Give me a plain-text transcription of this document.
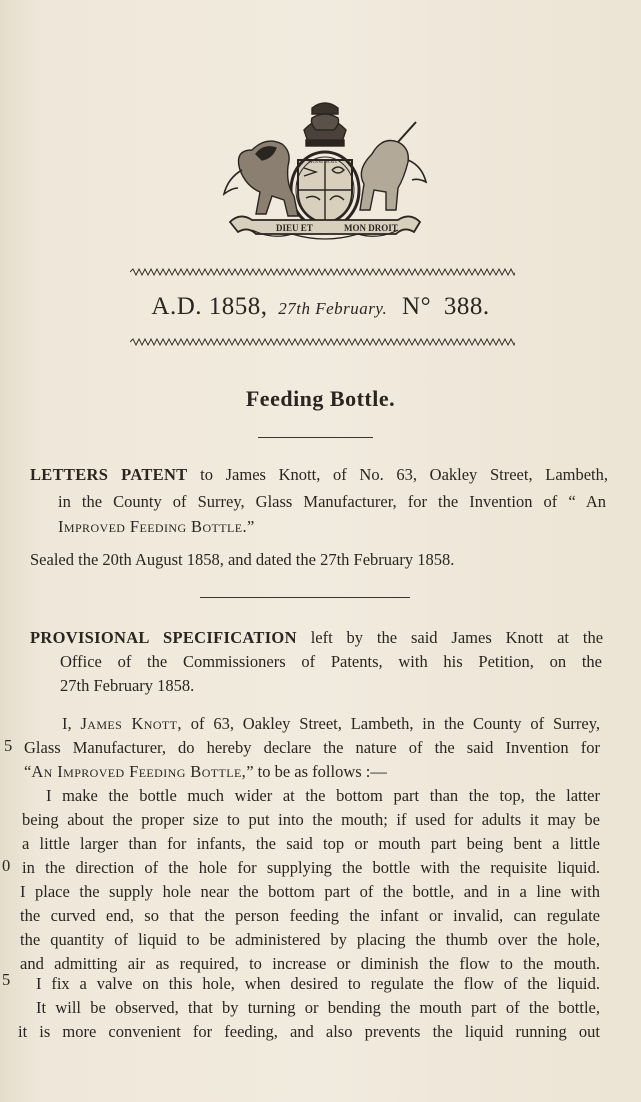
DIEU ET	MON DROIT
HONI SOIT
A.D. 1858, 27th February. N° 388.
Feeding Bottle.
LETTERS PATENT to James Knott, of No. 63, Oakley Street, Lambeth,
in the County of Surrey, Glass Manufacturer, for the Invention of “ An
Improved Feeding Bottle.”
Sealed the 20th August 1858, and dated the 27th February 1858.
PROVISIONAL SPECIFICATION left by the said James Knott at the
Office of the Commissioners of Patents, with his Petition, on the
27th February 1858.
I, James Knott, of 63, Oakley Street, Lambeth, in the County of Surrey,
Glass Manufacturer, do hereby declare the nature of the said Invention for
“An Improved Feeding Bottle,” to be as follows :—
I make the bottle much wider at the bottom part than the top, the latter
being about the proper size to put into the mouth; if used for adults it may be
a little larger than for infants, the said top or mouth part being bent a little
in the direction of the hole for supplying the bottle with the requisite liquid.
I place the supply hole near the bottom part of the bottle, and in a line with
the curved end, so that the person feeding the infant or invalid, can regulate
the quantity of liquid to be administered by placing the thumb over the hole,
and admitting air as required, to increase or diminish the flow to the mouth.
I fix a valve on this hole, when desired to regulate the flow of the liquid.
It will be observed, that by turning or bending the mouth part of the bottle,
it is more convenient for feeding, and also prevents the liquid running out
5
0
5
